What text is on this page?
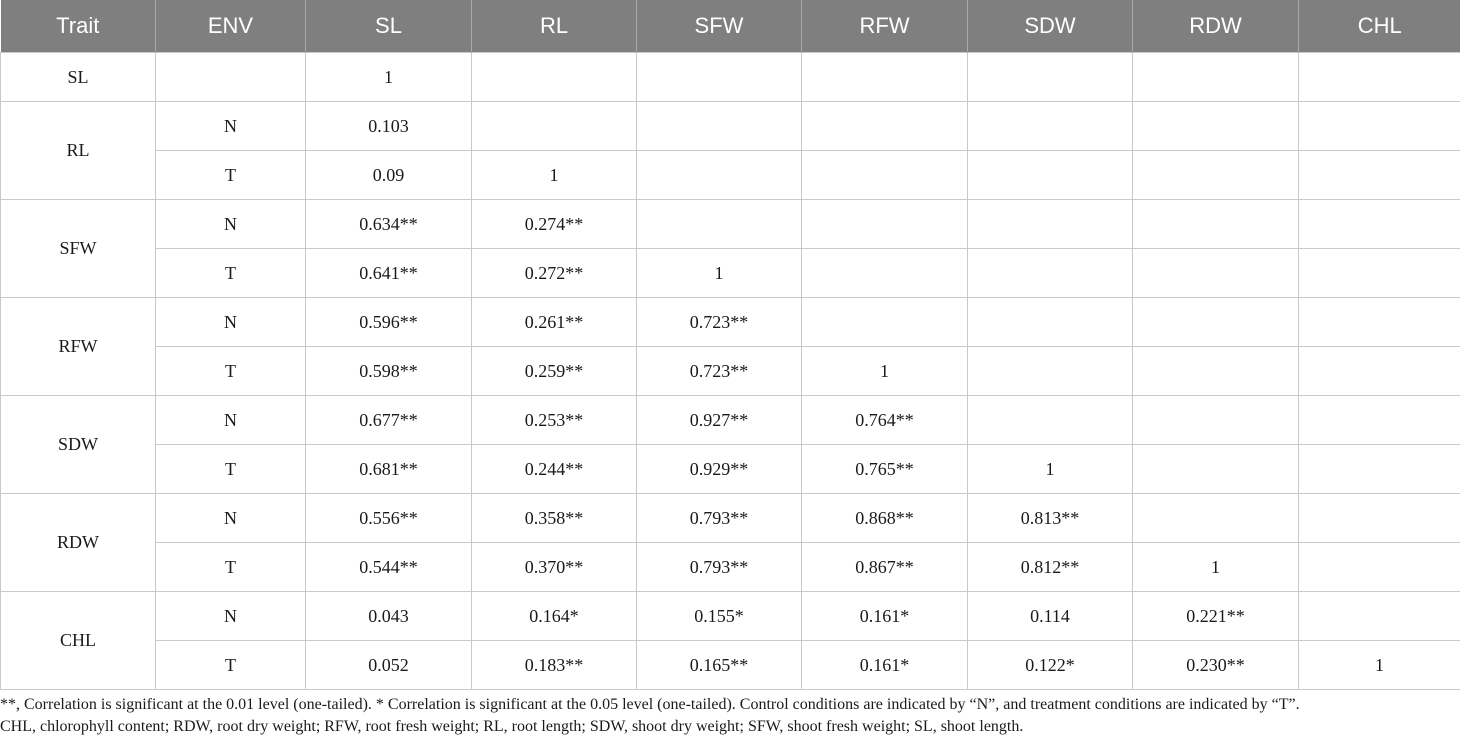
Trait	ENV	SL	RL	SFW	RFW	SDW	RDW	CHL
SL		1						
RL	N	0.103						
	T	0.09	1					
SFW	N	0.634**	0.274**					
	T	0.641**	0.272**	1				
RFW	N	0.596**	0.261**	0.723**				
	T	0.598**	0.259**	0.723**	1			
SDW	N	0.677**	0.253**	0.927**	0.764**			
	T	0.681**	0.244**	0.929**	0.765**	1		
RDW	N	0.556**	0.358**	0.793**	0.868**	0.813**		
	T	0.544**	0.370**	0.793**	0.867**	0.812**	1	
CHL	N	0.043	0.164*	0.155*	0.161*	0.114	0.221**	
	T	0.052	0.183**	0.165**	0.161*	0.122*	0.230**	1
**, Correlation is significant at the 0.01 level (one-tailed). * Correlation is significant at the 0.05 level (one-tailed). Control conditions are indicated by “N”, and treatment conditions are indicated by “T”.
CHL, chlorophyll content; RDW, root dry weight; RFW, root fresh weight; RL, root length; SDW, shoot dry weight; SFW, shoot fresh weight; SL, shoot length.
